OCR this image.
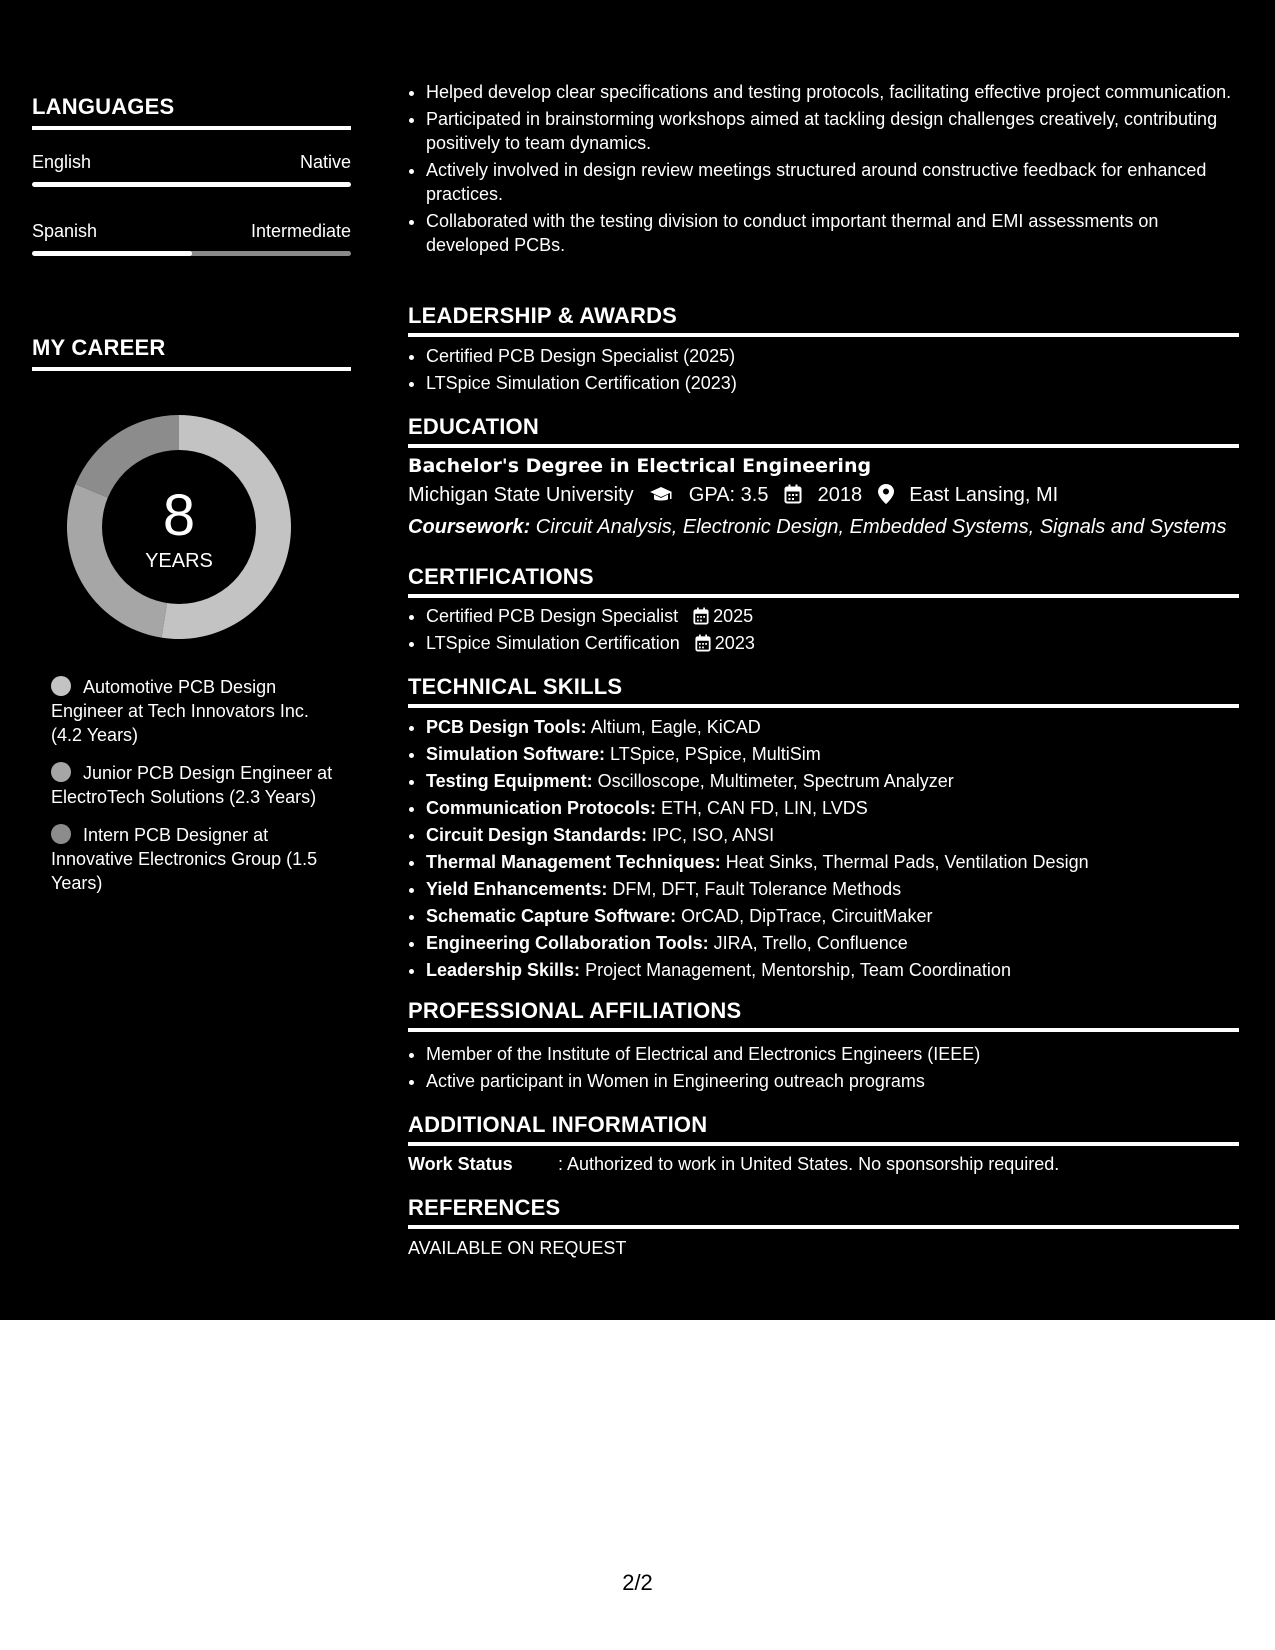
LANGUAGES
English	Native
Spanish	Intermediate
MY CAREER
8
YEARS
Automotive PCB Design Engineer at Tech Innovators Inc. (4.2 Years)
Junior PCB Design Engineer at ElectroTech Solutions (2.3 Years)
Intern PCB Designer at Innovative Electronics Group (1.5 Years)
• Helped develop clear specifications and testing protocols, facilitating effective project communication.
• Participated in brainstorming workshops aimed at tackling design challenges creatively, contributing positively to team dynamics.
• Actively involved in design review meetings structured around constructive feedback for enhanced practices.
• Collaborated with the testing division to conduct important thermal and EMI assessments on developed PCBs.
LEADERSHIP & AWARDS
• Certified PCB Design Specialist (2025)
• LTSpice Simulation Certification (2023)
EDUCATION
Bachelor's Degree in Electrical Engineering
Michigan State University	GPA: 3.5 2018 East Lansing, MI
Coursework: Circuit Analysis, Electronic Design, Embedded Systems, Signals and Systems
CERTIFICATIONS
• Certified PCB Design Specialist 2025
• LTSpice Simulation Certification 2023
TECHNICAL SKILLS
• PCB Design Tools: Altium, Eagle, KiCAD
• Simulation Software: LTSpice, PSpice, MultiSim
• Testing Equipment: Oscilloscope, Multimeter, Spectrum Analyzer
• Communication Protocols: ETH, CAN FD, LIN, LVDS
• Circuit Design Standards: IPC, ISO, ANSI
• Thermal Management Techniques: Heat Sinks, Thermal Pads, Ventilation Design
• Yield Enhancements: DFM, DFT, Fault Tolerance Methods
• Schematic Capture Software: OrCAD, DipTrace, CircuitMaker
• Engineering Collaboration Tools: JIRA, Trello, Confluence
• Leadership Skills: Project Management, Mentorship, Team Coordination
PROFESSIONAL AFFILIATIONS
• Member of the Institute of Electrical and Electronics Engineers (IEEE)
• Active participant in Women in Engineering outreach programs
ADDITIONAL INFORMATION
Work Status	: Authorized to work in United States. No sponsorship required.
REFERENCES
AVAILABLE ON REQUEST
2/2
